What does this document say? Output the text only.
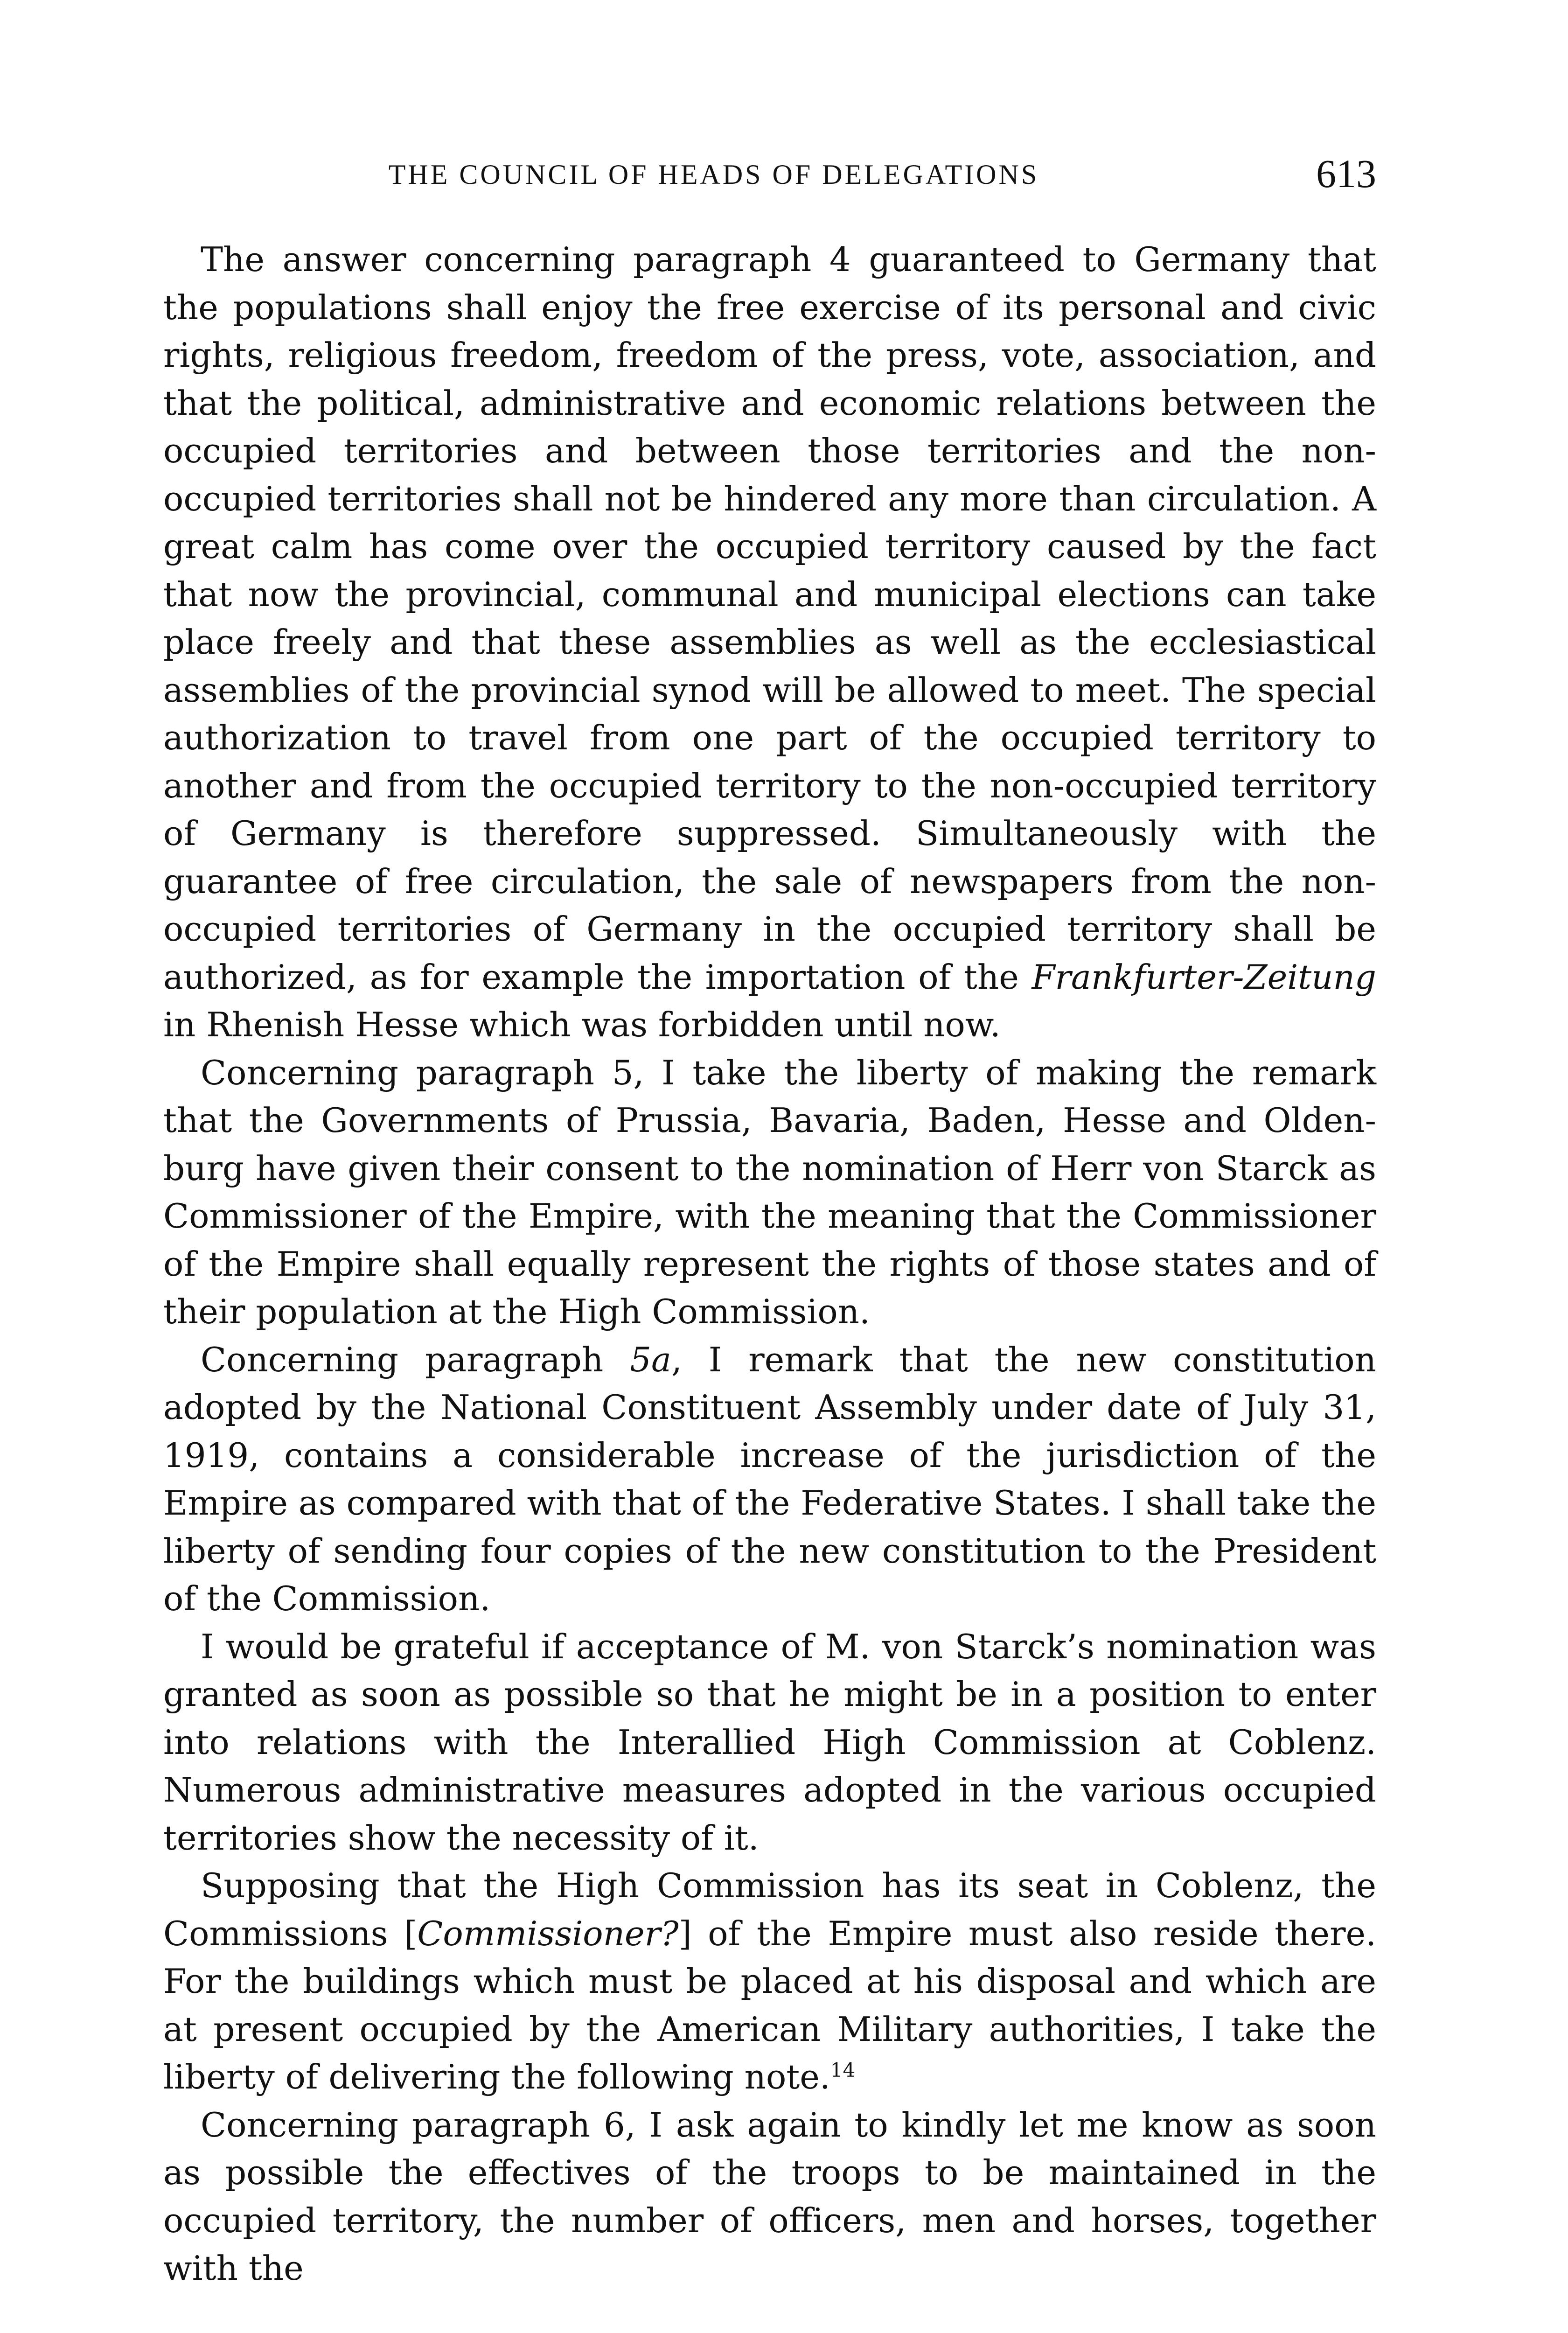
THE COUNCIL OF HEADS OF DELEGATIONS	613

The answer concerning paragraph 4 guaranteed to Germany that the populations shall enjoy the free exercise of its personal and civic rights, religious freedom, freedom of the press, vote, association, and that the political, administrative and economic relations between the occupied territories and between those territories and the non-occupied territories shall not be hindered any more than circulation. A great calm has come over the occupied territory caused by the fact that now the provincial, communal and municipal elections can take place freely and that these assemblies as well as the ecclesiastical assemblies of the provincial synod will be allowed to meet. The special authorization to travel from one part of the occupied territory to another and from the occupied territory to the non-occupied territory of Germany is therefore suppressed. Simultaneously with the guarantee of free circulation, the sale of newspapers from the non-occupied territories of Germany in the occupied territory shall be authorized, as for example the importation of the Frankfurter-Zeitung in Rhenish Hesse which was forbidden until now.

Concerning paragraph 5, I take the liberty of making the remark that the Governments of Prussia, Bavaria, Baden, Hesse and Oldenburg have given their consent to the nomination of Herr von Starck as Commissioner of the Empire, with the meaning that the Commissioner of the Empire shall equally represent the rights of those states and of their population at the High Commission.

Concerning paragraph 5a, I remark that the new constitution adopted by the National Constituent Assembly under date of July 31, 1919, contains a considerable increase of the jurisdiction of the Empire as compared with that of the Federative States. I shall take the liberty of sending four copies of the new constitution to the President of the Commission.

I would be grateful if acceptance of M. von Starck’s nomination was granted as soon as possible so that he might be in a position to enter into relations with the Interallied High Commission at Coblenz. Numerous administrative measures adopted in the various occupied territories show the necessity of it.

Supposing that the High Commission has its seat in Coblenz, the Commissions [Commissioner?] of the Empire must also reside there. For the buildings which must be placed at his disposal and which are at present occupied by the American Military authorities, I take the liberty of delivering the following note.$^{14}$

Concerning paragraph 6, I ask again to kindly let me know as soon as possible the effectives of the troops to be maintained in the occupied territory, the number of officers, men and horses, together with the
